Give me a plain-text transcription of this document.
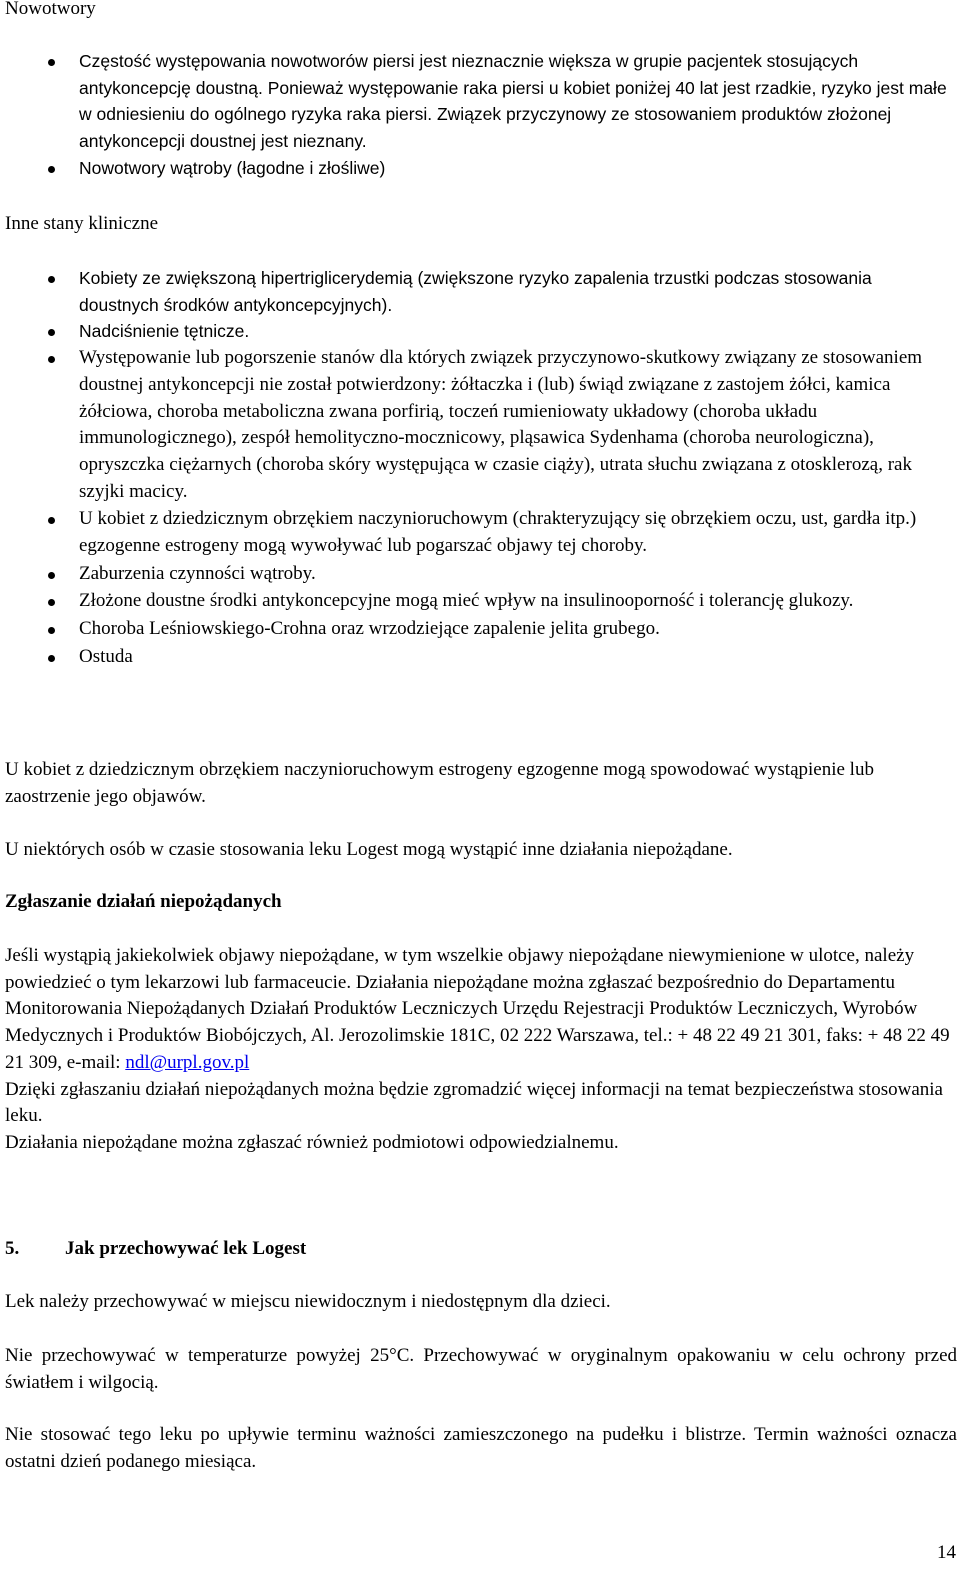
Nowotwory

Częstość występowania nowotworów piersi jest nieznacznie większa w grupie pacjentek stosujących antykoncepcję doustną. Ponieważ występowanie raka piersi u kobiet poniżej 40 lat jest rzadkie, ryzyko jest małe w odniesieniu do ogólnego ryzyka raka piersi. Związek przyczynowy ze stosowaniem produktów złożonej antykoncepcji doustnej jest nieznany.
Nowotwory wątroby (łagodne i złośliwe)

Inne stany kliniczne

Kobiety ze zwiększoną hipertriglicerydemią (zwiększone ryzyko zapalenia trzustki podczas stosowania doustnych środków antykoncepcyjnych).
Nadciśnienie tętnicze.
Występowanie lub pogorszenie stanów dla których związek przyczynowo-skutkowy związany ze stosowaniem doustnej antykoncepcji nie został potwierdzony: żółtaczka i (lub) świąd związane z zastojem żółci, kamica żółciowa, choroba metaboliczna zwana porfirią, toczeń rumieniowaty układowy (choroba układu immunologicznego), zespół hemolityczno-mocznicowy, pląsawica Sydenhama (choroba neurologiczna), opryszczka ciężarnych (choroba skóry występująca w czasie ciąży), utrata słuchu związana z otosklerozą, rak szyjki macicy.
U kobiet z dziedzicznym obrzękiem naczynioruchowym (chrakteryzujący się obrzękiem oczu, ust, gardła itp.) egzogenne estrogeny mogą wywoływać lub pogarszać objawy tej choroby.
Zaburzenia czynności wątroby.
Złożone doustne środki antykoncepcyjne mogą mieć wpływ na insulinooporność i tolerancję glukozy.
Choroba Leśniowskiego-Crohna oraz wrzodziejące zapalenie jelita grubego.
Ostuda

U kobiet z dziedzicznym obrzękiem naczynioruchowym estrogeny egzogenne mogą spowodować wystąpienie lub zaostrzenie jego objawów.

U niektórych osób w czasie stosowania leku Logest mogą wystąpić inne działania niepożądane.

Zgłaszanie działań niepożądanych

Jeśli wystąpią jakiekolwiek objawy niepożądane, w tym wszelkie objawy niepożądane niewymienione w ulotce, należy powiedzieć o tym lekarzowi lub farmaceucie. Działania niepożądane można zgłaszać bezpośrednio do Departamentu Monitorowania Niepożądanych Działań Produktów Leczniczych Urzędu Rejestracji Produktów Leczniczych, Wyrobów Medycznych i Produktów Biobójczych, Al. Jerozolimskie 181C, 02 222 Warszawa, tel.: + 48 22 49 21 301, faks: + 48 22 49 21 309, e-mail: ndl@urpl.gov.pl

Dzięki zgłaszaniu działań niepożądanych można będzie zgromadzić więcej informacji na temat bezpieczeństwa stosowania leku.

Działania niepożądane można zgłaszać również podmiotowi odpowiedzialnemu.

5. Jak przechowywać lek Logest

Lek należy przechowywać w miejscu niewidocznym i niedostępnym dla dzieci.

Nie przechowywać w temperaturze powyżej 25°C. Przechowywać w oryginalnym opakowaniu w celu ochrony przed światłem i wilgocią.

Nie stosować tego leku po upływie terminu ważności zamieszczonego na pudełku i blistrze. Termin ważności oznacza ostatni dzień podanego miesiąca.

14
